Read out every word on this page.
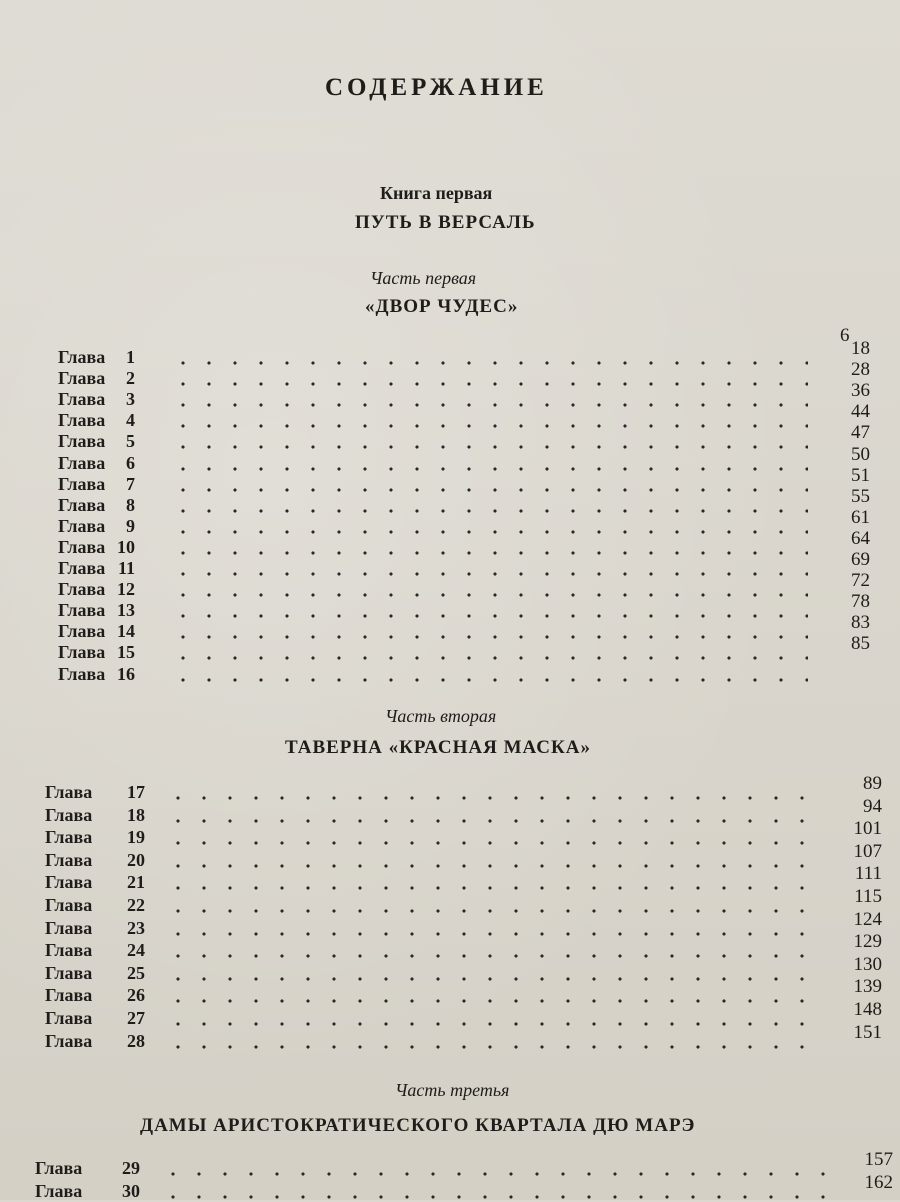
СОДЕРЖАНИЕ
Книга первая
ПУТЬ В ВЕРСАЛЬ
Часть первая
«ДВОР ЧУДЕС»
6
Глава	1	18
Глава	2	28
Глава	3	36
Глава	4	44
Глава	5	47
Глава	6	50
Глава	7	51
Глава	8	55
Глава	9	61
Глава 10	64
Глава 11	69
Глава 12	72
Глава 13	78
Глава 14	83
Глава 15	85
Глава 16
Часть вторая
ТАВЕРНА «КРАСНАЯ МАСКА»
Глава	17	89
Глава	18	94
Глава	19	101
Глава	20	107
Глава	21	111
Глава	22	115
Глава	23	124
Глава	24	129
Глава	25	130
Глава	26	139
Глава	27	148
Глава	28	151
Часть третья
ДАМЫ АРИСТОКРАТИЧЕСКОГО КВАРТАЛА ДЮ МАРЭ
Глава	29	157
Глава	30	162
